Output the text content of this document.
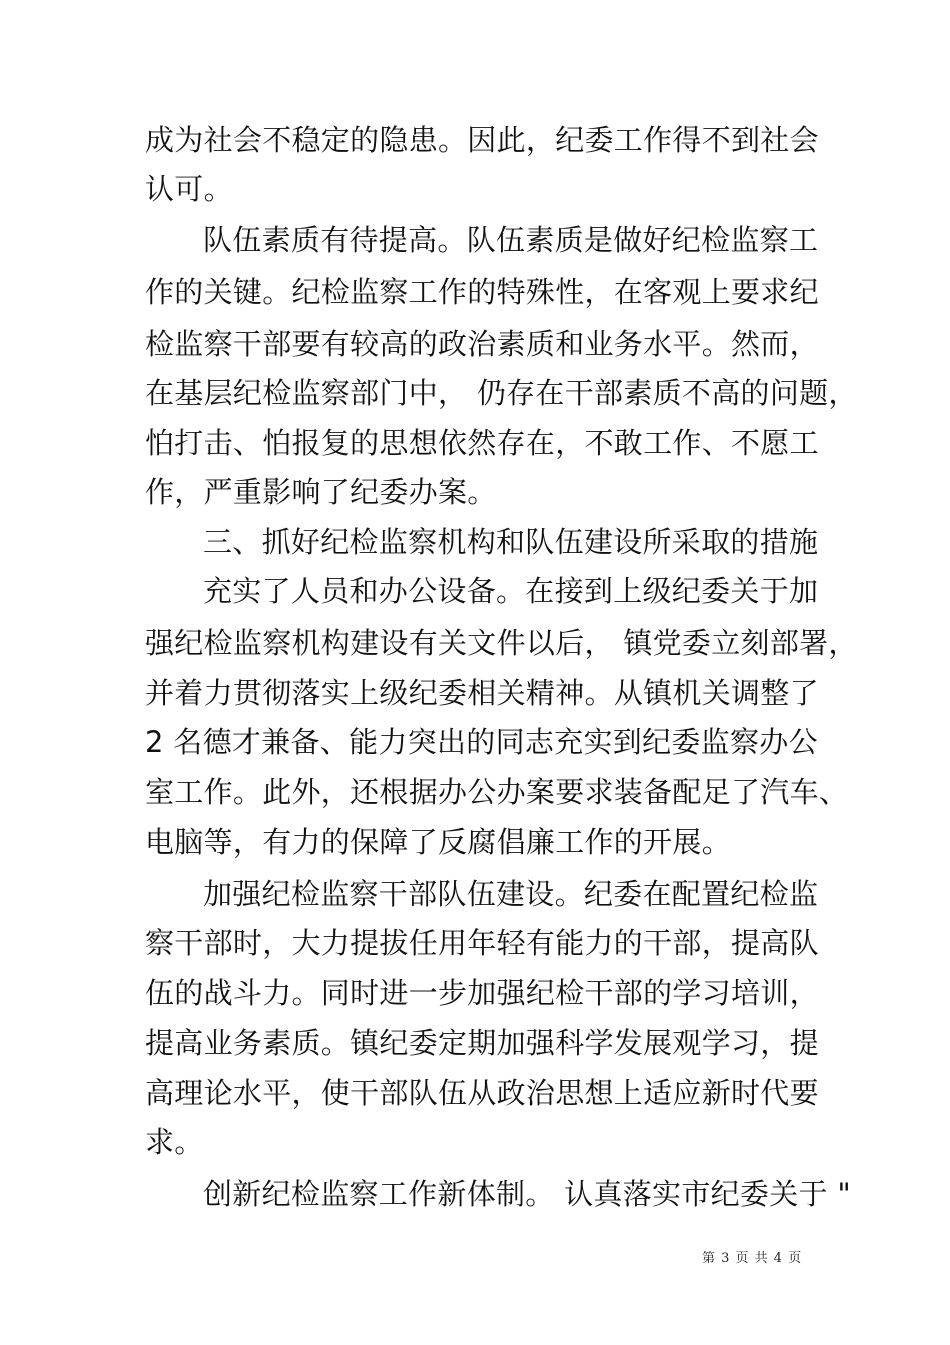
成为社会不稳定的隐患。因此，纪委工作得不到社会
认可。
队伍素质有待提高。队伍素质是做好纪检监察工
作的关键。纪检监察工作的特殊性，在客观上要求纪
检监察干部要有较高的政治素质和业务水平。然而，
在基层纪检监察部门中， 仍存在干部素质不高的问题，
怕打击、怕报复的思想依然存在，不敢工作、不愿工
作，严重影响了纪委办案。
三、抓好纪检监察机构和队伍建设所采取的措施
充实了人员和办公设备。在接到上级纪委关于加
强纪检监察机构建设有关文件以后， 镇党委立刻部署，
并着力贯彻落实上级纪委相关精神。从镇机关调整了
2 名德才兼备、能力突出的同志充实到纪委监察办公
室工作。此外，还根据办公办案要求装备配足了汽车、
电脑等，有力的保障了反腐倡廉工作的开展。
加强纪检监察干部队伍建设。纪委在配置纪检监
察干部时，大力提拔任用年轻有能力的干部，提高队
伍的战斗力。同时进一步加强纪检干部的学习培训，
提高业务素质。镇纪委定期加强科学发展观学习，提
高理论水平，使干部队伍从政治思想上适应新时代要
求。
创新纪检监察工作新体制。 认真落实市纪委关于 "
第 3 页 共 4 页
